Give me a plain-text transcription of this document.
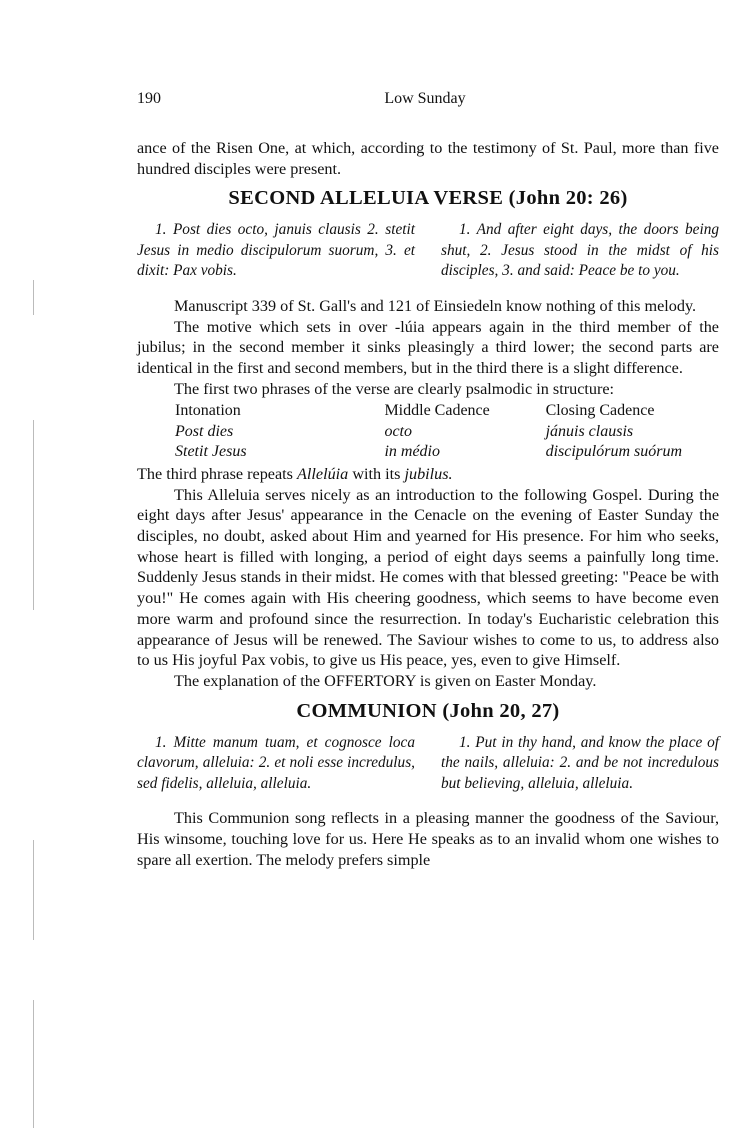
190	Low Sunday

ance of the Risen One, at which, according to the testimony of St. Paul, more than five hundred disciples were present.

SECOND ALLELUIA VERSE (John 20: 26)
1. Post dies octo, januis clausis 2. stetit Jesus in medio discipulorum suorum, 3. et dixit: Pax vobis.
1. And after eight days, the doors being shut, 2. Jesus stood in the midst of his disciples, 3. and said: Peace be to you.

Manuscript 339 of St. Gall's and 121 of Einsiedeln know nothing of this melody.

The motive which sets in over -lúia appears again in the third member of the jubilus; in the second member it sinks pleasingly a third lower; the second parts are identical in the first and second members, but in the third there is a slight difference.

The first two phrases of the verse are clearly psalmodic in structure:

Intonation	Middle Cadence	Closing Cadence
Post dies	octo	jánuis clausis
Stetit Jesus	in médio	discipulórum suórum

The third phrase repeats Allelúia with its jubilus.

This Alleluia serves nicely as an introduction to the following Gospel. During the eight days after Jesus' appearance in the Cenacle on the evening of Easter Sunday the disciples, no doubt, asked about Him and yearned for His presence. For him who seeks, whose heart is filled with longing, a period of eight days seems a painfully long time. Suddenly Jesus stands in their midst. He comes with that blessed greeting: "Peace be with you!" He comes again with His cheering goodness, which seems to have become even more warm and profound since the resurrection. In today's Eucharistic celebration this appearance of Jesus will be renewed. The Saviour wishes to come to us, to address also to us His joyful Pax vobis, to give us His peace, yes, even to give Himself.

The explanation of the OFFERTORY is given on Easter Monday.

COMMUNION (John 20, 27)
1. Mitte manum tuam, et cognosce loca clavorum, alleluia: 2. et noli esse incredulus, sed fidelis, alleluia, alleluia.
1. Put in thy hand, and know the place of the nails, alleluia: 2. and be not incredulous but believing, alleluia, alleluia.

This Communion song reflects in a pleasing manner the goodness of the Saviour, His winsome, touching love for us. Here He speaks as to an invalid whom one wishes to spare all exertion. The melody prefers simple
